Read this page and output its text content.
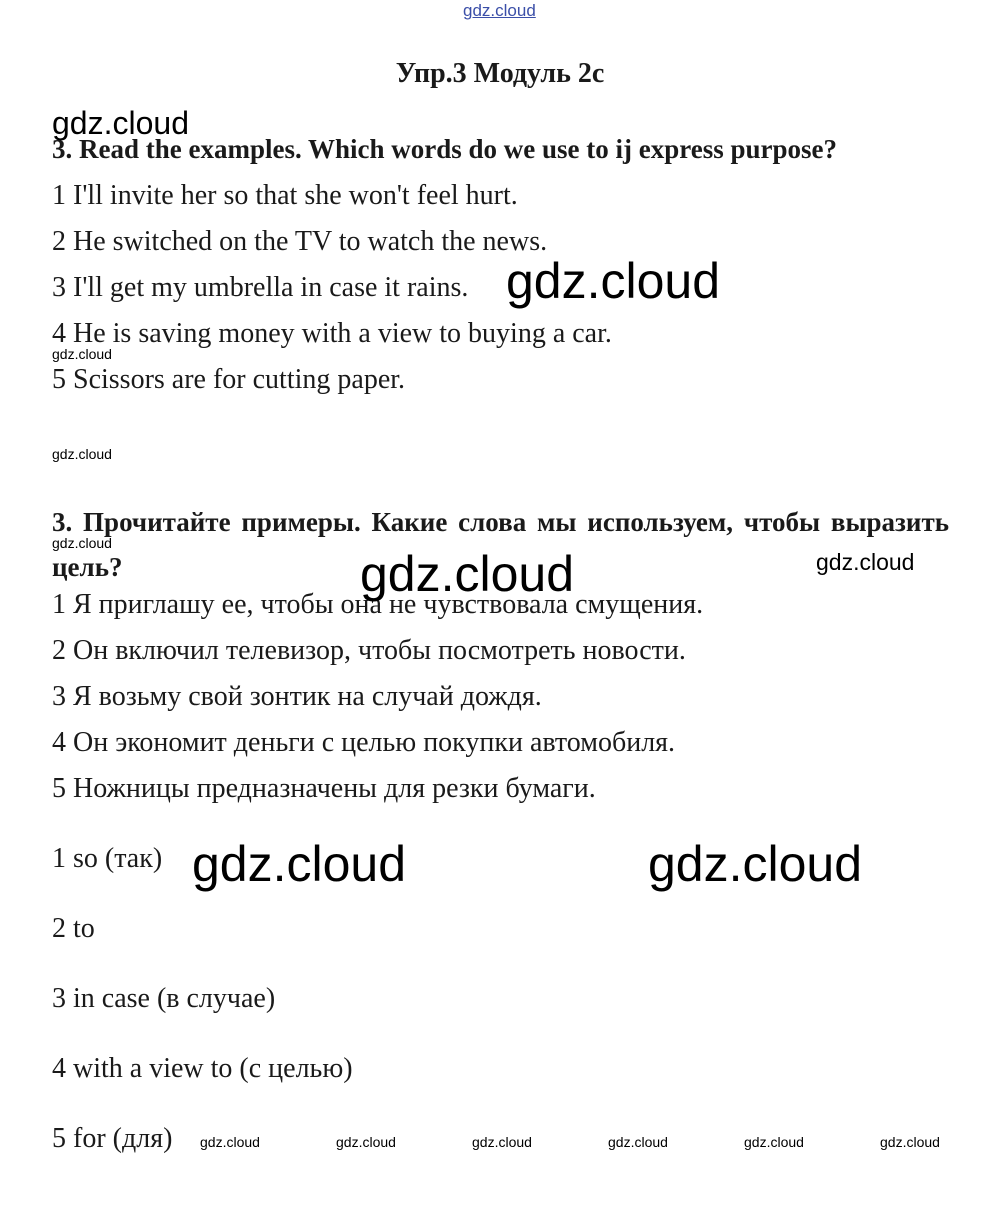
Упр.3 Модуль 2с
3. Read the examples. Which words do we use to ij express purpose?
1 I'll invite her so that she won't feel hurt.
2 He switched on the TV to watch the news.
3 I'll get my umbrella in case it rains.
4 He is saving money with a view to buying a car.
5 Scissors are for cutting paper.
3. Прочитайте примеры. Какие слова мы используем, чтобы выразить цель?
1 Я приглашу ее, чтобы она не чувствовала смущения.
2 Он включил телевизор, чтобы посмотреть новости.
3 Я возьму свой зонтик на случай дождя.
4 Он экономит деньги с целью покупки автомобиля.
5 Ножницы предназначены для резки бумаги.
1 so (так)
2 to
3 in case (в случае)
4 with a view to (с целью)
5 for (для)
gdz.cloud
gdz.cloud
gdz.cloud
gdz.cloud
gdz.cloud
gdz.cloud
gdz.cloud	gdz.cloud
gdz.cloud	gdz.cloud
gdz.cloud	gdz.cloud	gdz.cloud	gdz.cloud	gdz.cloud	gdz.cloud
